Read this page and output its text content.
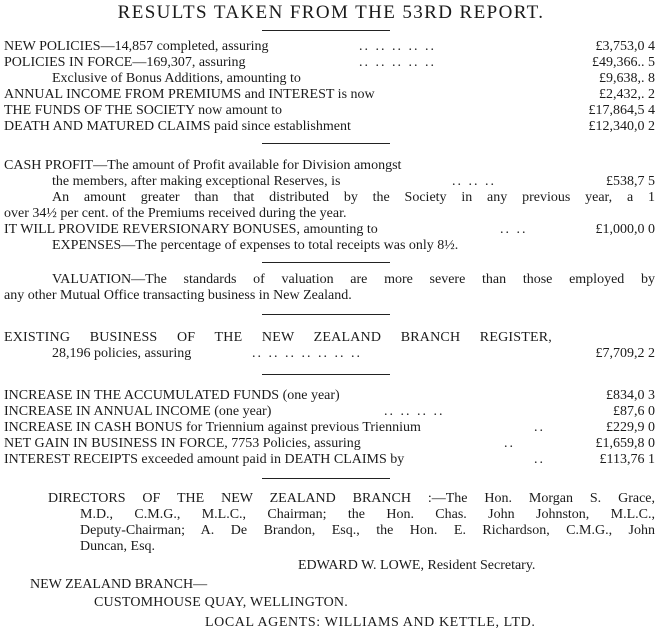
RESULTS TAKEN FROM THE 53RD REPORT.
NEW POLICIES—14,857 completed, assuring	.. .. .. .. ..	£3,753,0 4
POLICIES IN FORCE—169,307, assuring	.. .. .. .. ..	£49,366.. 5
Exclusive of Bonus Additions, amounting to	£9,638,. 8
ANNUAL INCOME FROM PREMIUMS and INTEREST is now	£2,432,. 2
THE FUNDS OF THE SOCIETY now amount to	£17,864,5 4
DEATH AND MATURED CLAIMS paid since establishment	£12,340,0 2
CASH PROFIT—The amount of Profit available for Division amongst
the members, after making exceptional Reserves, is	.. .. ..	£538,7 5
An amount greater than that distributed by the Society in any previous year, a 1
over 34½ per cent. of the Premiums received during the year.
IT WILL PROVIDE REVERSIONARY BONUSES, amounting to	.. ..	£1,000,0 0
EXPENSES—The percentage of expenses to total receipts was only 8½.
VALUATION—The standards of valuation are more severe than those employed by
any other Mutual Office transacting business in New Zealand.
EXISTING BUSINESS OF THE NEW ZEALAND BRANCH REGISTER,
28,196 policies, assuring	.. .. .. .. .. .. ..	£7,709,2 2
INCREASE IN THE ACCUMULATED FUNDS (one year)	£834,0 3
INCREASE IN ANNUAL INCOME (one year)	.. .. .. ..	£87,6 0
INCREASE IN CASH BONUS for Triennium against previous Triennium	..	£229,9 0
NET GAIN IN BUSINESS IN FORCE, 7753 Policies, assuring	..	£1,659,8 0
INTEREST RECEIPTS exceeded amount paid in DEATH CLAIMS by	..	£113,76 1
DIRECTORS OF THE NEW ZEALAND BRANCH :—The Hon. Morgan S. Grace,
M.D., C.M.G., M.L.C., Chairman; the Hon. Chas. John Johnston, M.L.C.,
Deputy-Chairman; A. De Brandon, Esq., the Hon. E. Richardson, C.M.G., John
Duncan, Esq.
EDWARD W. LOWE, Resident Secretary.
NEW ZEALAND BRANCH—
CUSTOMHOUSE QUAY, WELLINGTON.
LOCAL AGENTS: WILLIAMS AND KETTLE, LTD.
